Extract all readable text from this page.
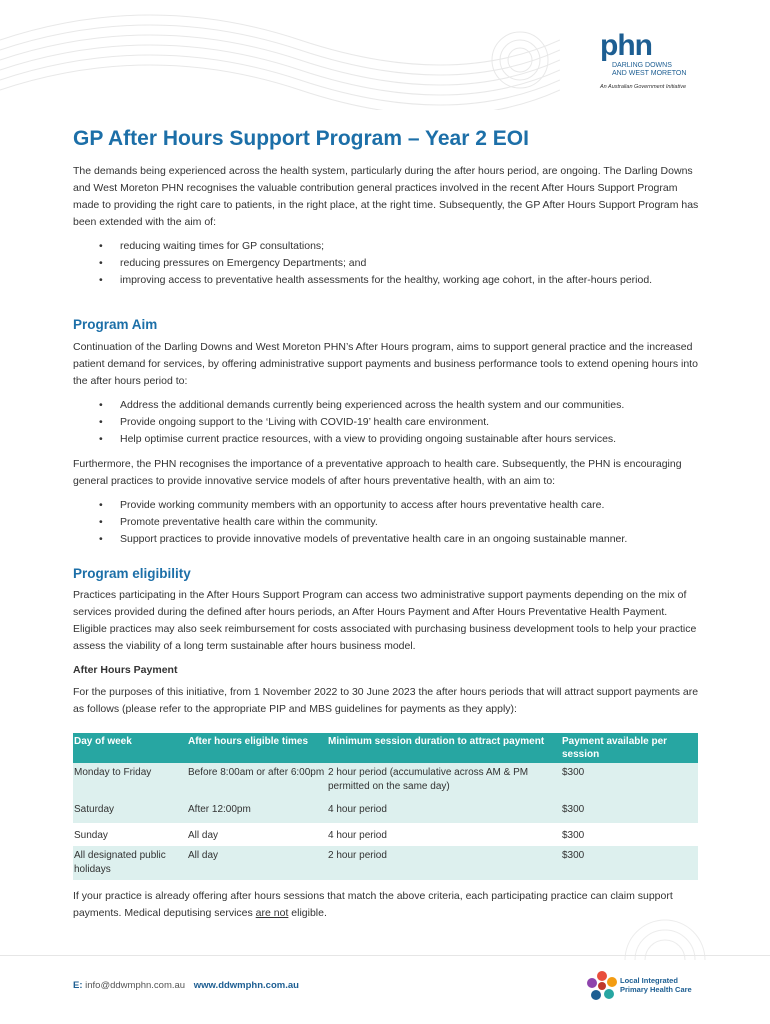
phn
DARLING DOWNS
AND WEST MORETON
An Australian Government Initiative
GP After Hours Support Program – Year 2 EOI

The demands being experienced across the health system, particularly during the after hours period, are ongoing. The Darling Downs and West Moreton PHN recognises the valuable contribution general practices involved in the recent After Hours Support Program made to providing the right care to patients, in the right place, at the right time. Subsequently, the GP After Hours Support Program has been extended with the aim of:

• reducing waiting times for GP consultations;
• reducing pressures on Emergency Departments; and
• improving access to preventative health assessments for the healthy, working age cohort, in the after-hours period.
Program Aim

Continuation of the Darling Downs and West Moreton PHN’s After Hours program, aims to support general practice and the increased patient demand for services, by offering administrative support payments and business performance tools to extend opening hours into the after hours period to:

• Address the additional demands currently being experienced across the health system and our communities.
• Provide ongoing support to the ‘Living with COVID-19’ health care environment.
• Help optimise current practice resources, with a view to providing ongoing sustainable after hours services.

Furthermore, the PHN recognises the importance of a preventative approach to health care. Subsequently, the PHN is encouraging general practices to provide innovative service models of after hours preventative health, with an aim to:

• Provide working community members with an opportunity to access after hours preventative health care.
• Promote preventative health care within the community.
• Support practices to provide innovative models of preventative health care in an ongoing sustainable manner.
Program eligibility

Practices participating in the After Hours Support Program can access two administrative support payments depending on the mix of services provided during the defined after hours periods, an After Hours Payment and After Hours Preventative Health Payment. Eligible practices may also seek reimbursement for costs associated with purchasing business development tools to help your practice assess the viability of a long term sustainable after hours business model.

After Hours Payment

For the purposes of this initiative, from 1 November 2022 to 30 June 2023 the after hours periods that will attract support payments are as follows (please refer to the appropriate PIP and MBS guidelines for payments as they apply):

Day of week	After hours eligible times	Minimum session duration to attract payment	Payment available per session
Monday to Friday	Before 8:00am or after 6:00pm	2 hour period (accumulative across AM & PM permitted on the same day)	$300
Saturday	After 12:00pm	4 hour period	$300
Sunday	All day	4 hour period	$300
All designated public holidays	All day	2 hour period	$300

If your practice is already offering after hours sessions that match the above criteria, each participating practice can claim support payments. Medical deputising services are not eligible.

E: info@ddwmphn.com.au www.ddwmphn.com.au	Local Integrated
Primary Health Care
